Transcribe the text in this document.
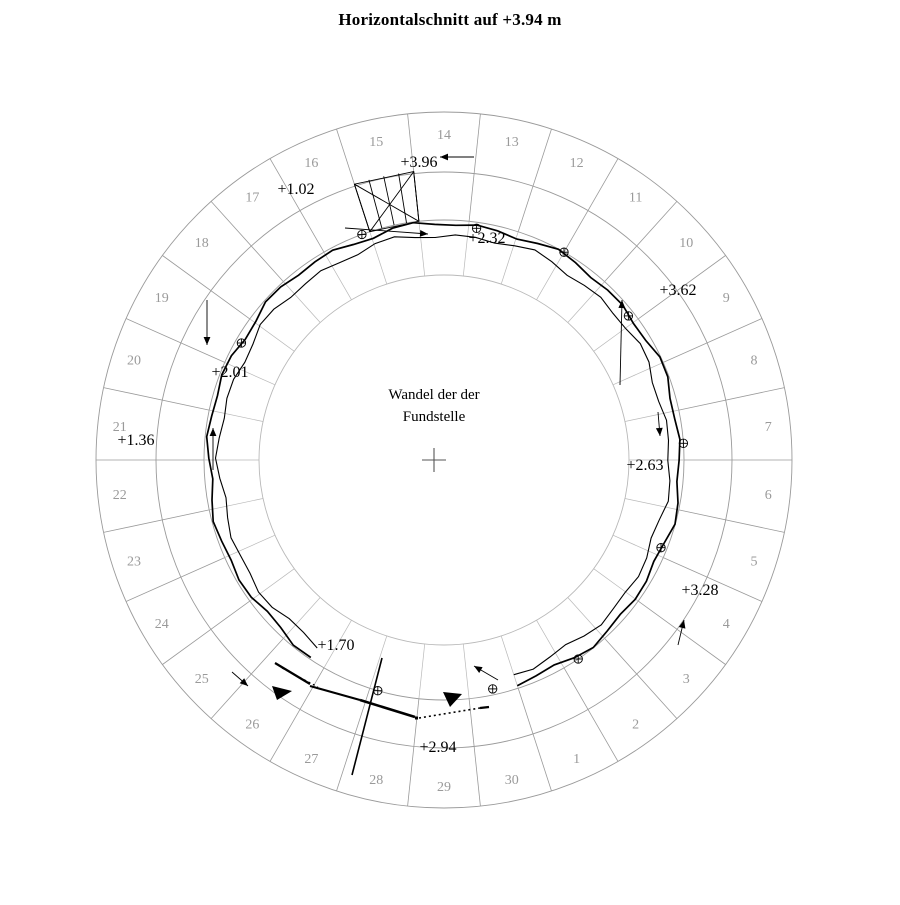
Horizontalschnitt auf +3.94 m
Wandel der der
Fundstelle
1
2
3
4
5
6
7
8
9
10
11
12
13
14
15
16
17
18
19
20
21
22
23
24
25
26
27
28	29	30
+3.96
+1.02
+2.32
+3.62
+2.01
+1.36
+2.63
+3.28
+1.70
+2.94
